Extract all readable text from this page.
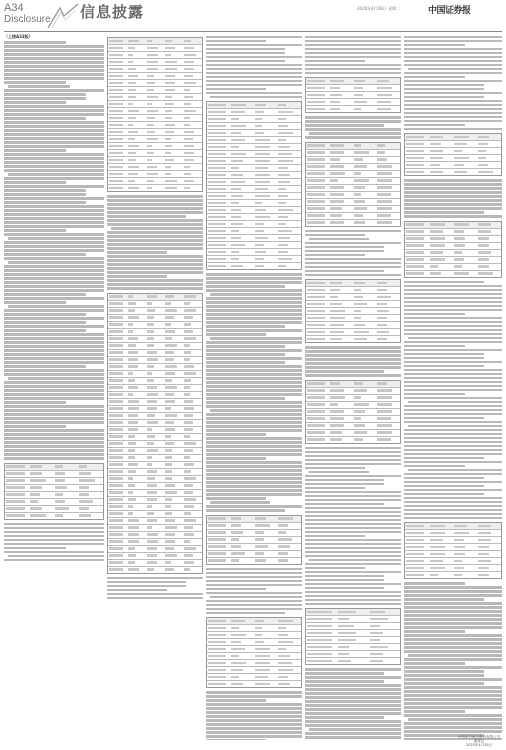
A34
Disclosure 信息披露	2020年4月28日 星期二	中国证券报
（上接A33版）
中国东方航空股份有限公司
董事会
2020年4月28日
